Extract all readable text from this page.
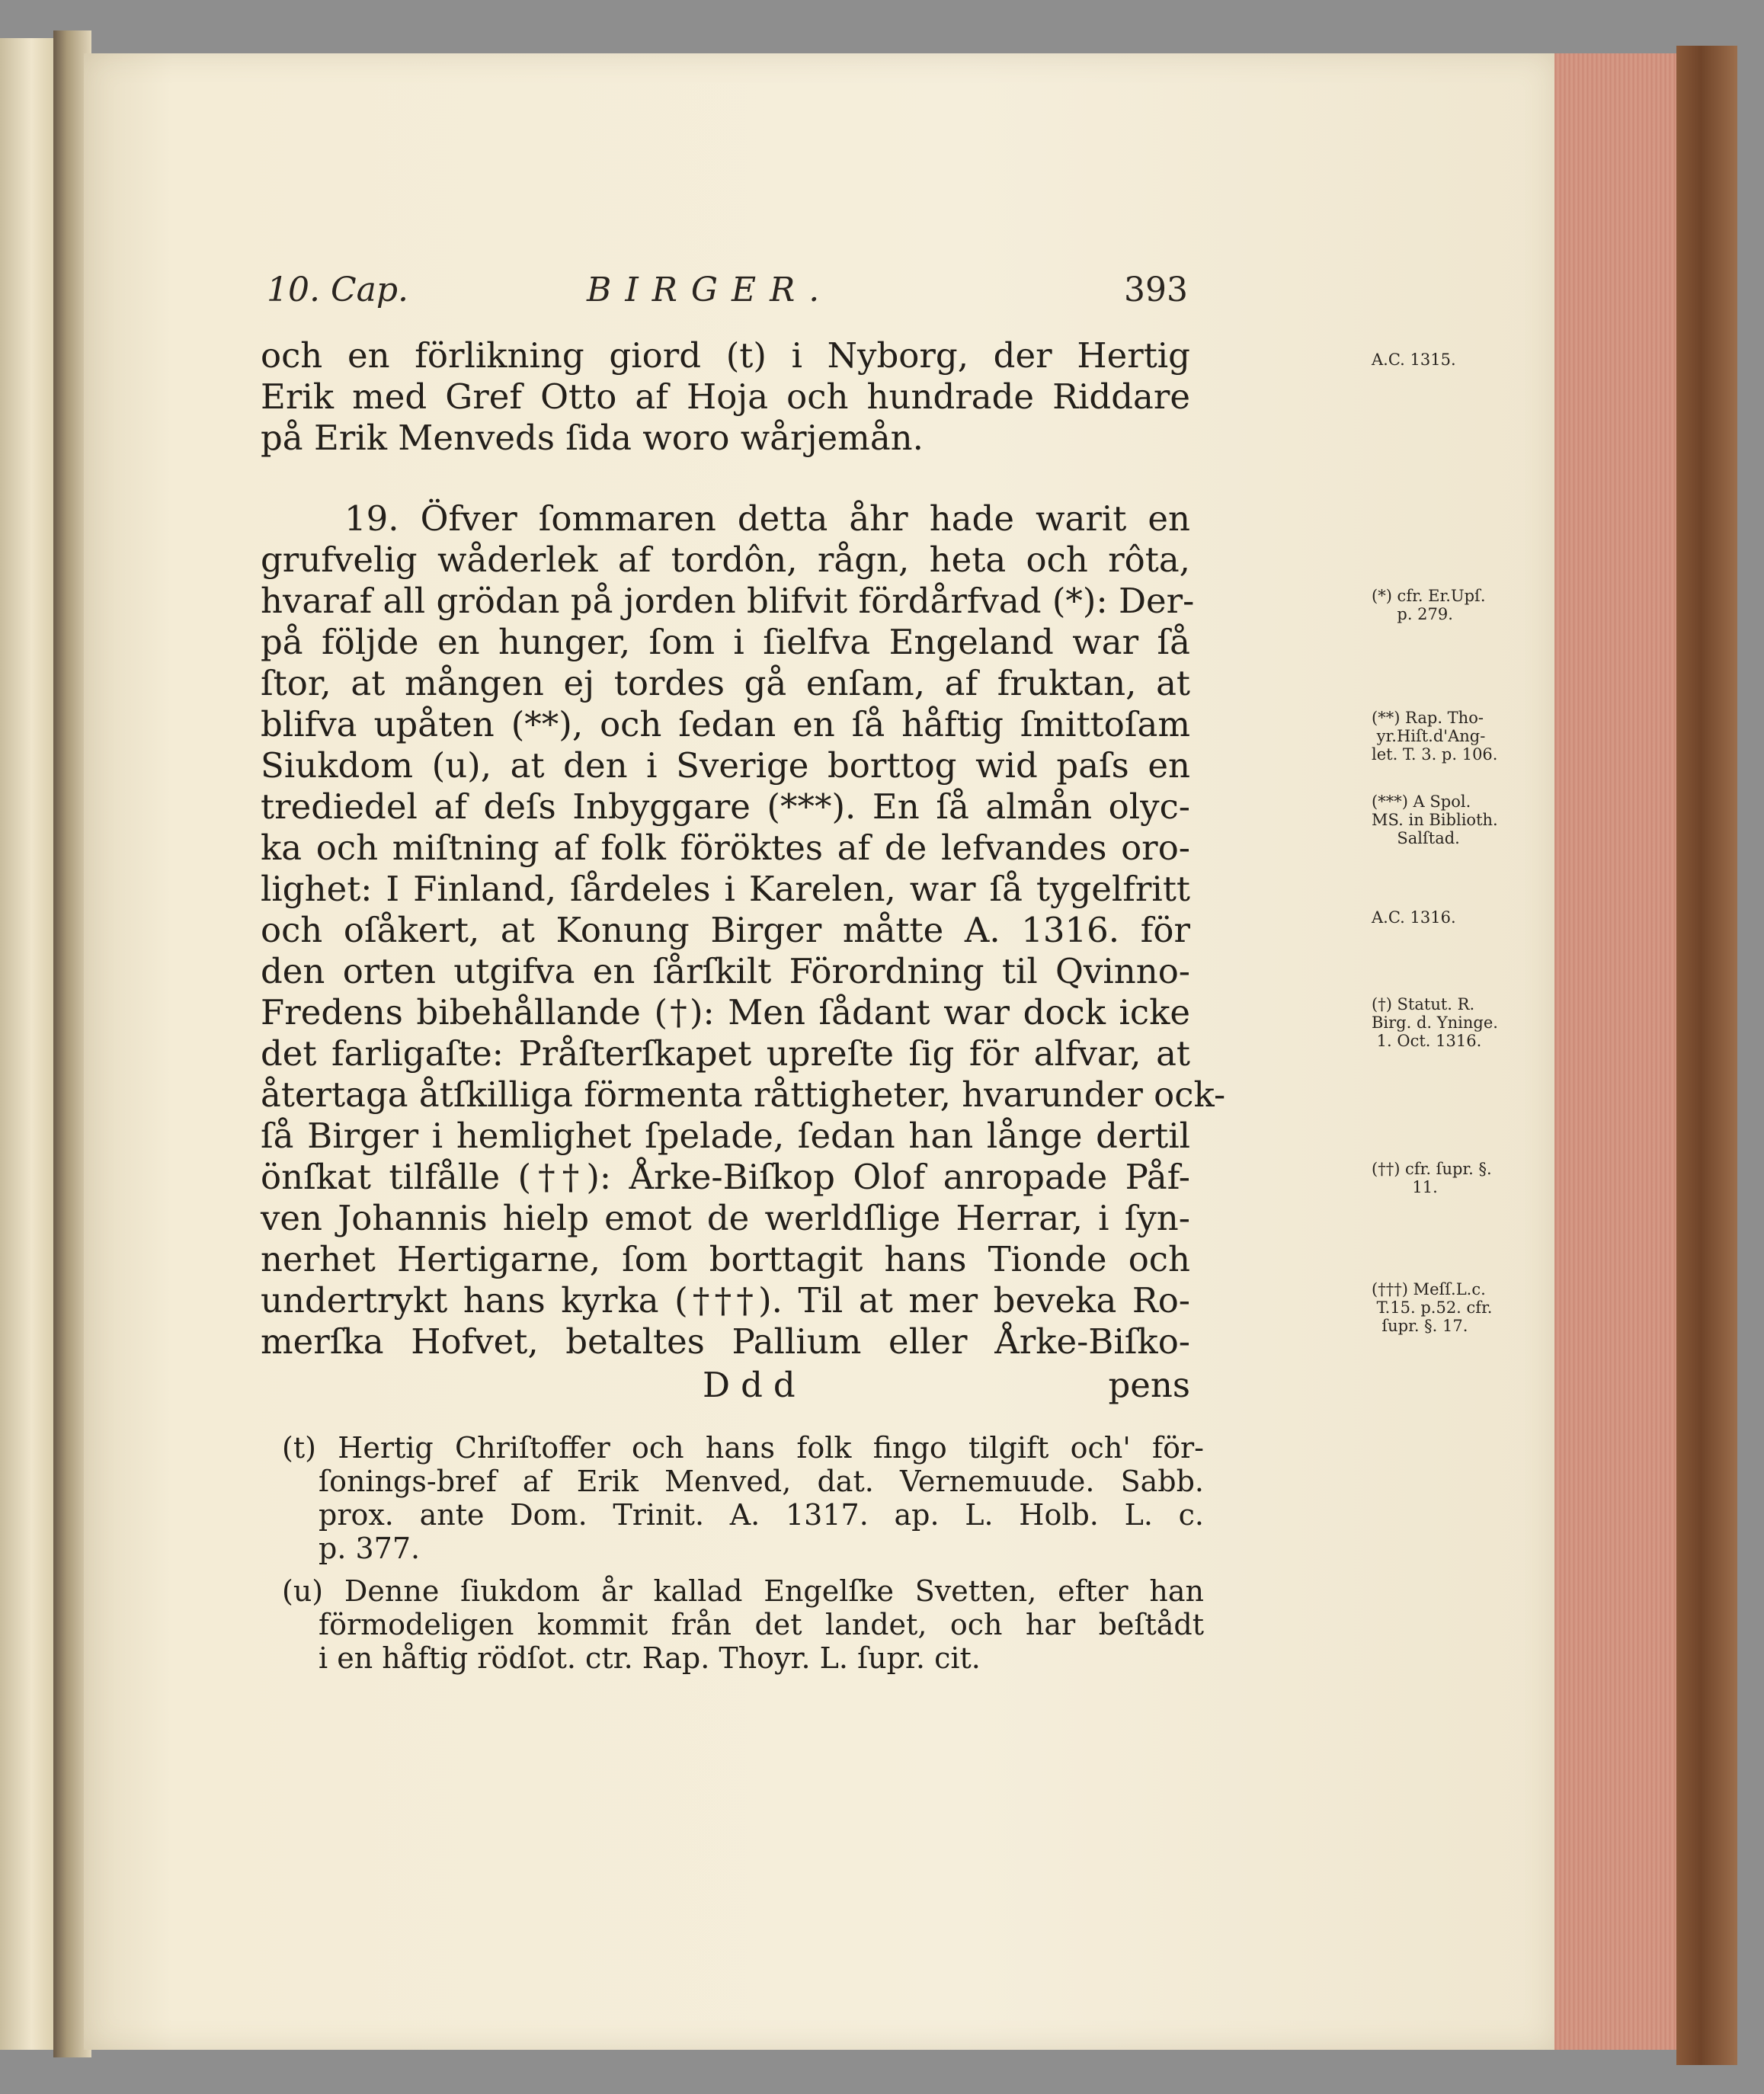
10. Cap.	BIRGER.	393
och en förlikning giord (t) i Nyborg, der Hertig
Erik med Gref Otto af Hoja och hundrade Riddare
på Erik Menveds ſida woro wårjemån.
19. Öfver ſommaren detta åhr hade warit en
grufvelig wåderlek af tordôn, rågn, heta och rôta,
hvaraf all grödan på jorden blifvit fördårfvad (*): Der-
på följde en hunger, ſom i ſielfva Engeland war ſå
ſtor, at mången ej tordes gå enſam, af fruktan, at
blifva upåten (**), och ſedan en ſå håftig ſmittoſam
Siukdom (u), at den i Sverige borttog wid paſs en
trediedel af deſs Inbyggare (***). En ſå almån olyc-
ka och miſtning af folk föröktes af de lefvandes oro-
lighet: I Finland, ſårdeles i Karelen, war ſå tygelfritt
och oſåkert, at Konung Birger måtte A. 1316. för
den orten utgifva en ſårſkilt Förordning til Qvinno-
Fredens bibehållande (†): Men ſådant war dock icke
det farligaſte: Pråſterſkapet upreſte ſig för alfvar, at
återtaga åtſkilliga förmenta råttigheter, hvarunder ock-
ſå Birger i hemlighet ſpelade, ſedan han långe dertil
önſkat tilfålle (††): Årke-Biſkop Olof anropade Påf-
ven Johannis hielp emot de werldſlige Herrar, i ſyn-
nerhet Hertigarne, ſom borttagit hans Tionde och
undertrykt hans kyrka (†††). Til at mer beveka Ro-
merſka Hofvet, betaltes Pallium eller Årke-Biſko-
Ddd	pens
A.C. 1315.
(*) cfr. Er.Upſ.
p. 279.
(**) Rap. Tho-
yr.Hiſt.d'Ang-
let. T. 3. p. 106.
(***) A Spol.
MS. in Biblioth.
Salſtad.
A.C. 1316.
(†) Statut. R.
Birg. d. Yninge.
1. Oct. 1316.
(††) cfr. ſupr. §.
11.
(†††) Meſſ.L.c.
T.15. p.52. cfr.
ſupr. §. 17.
(t) Hertig Chriſtoffer och hans folk fingo tilgift och' för-
ſonings-bref af Erik Menved, dat. Vernemuude. Sabb.
prox. ante Dom. Trinit. A. 1317. ap. L. Holb. L. c.
p. 377.
(u) Denne ſiukdom år kallad Engelſke Svetten, efter han
förmodeligen kommit från det landet, och har beſtådt
i en håftig rödſot. ctr. Rap. Thoyr. L. ſupr. cit.
